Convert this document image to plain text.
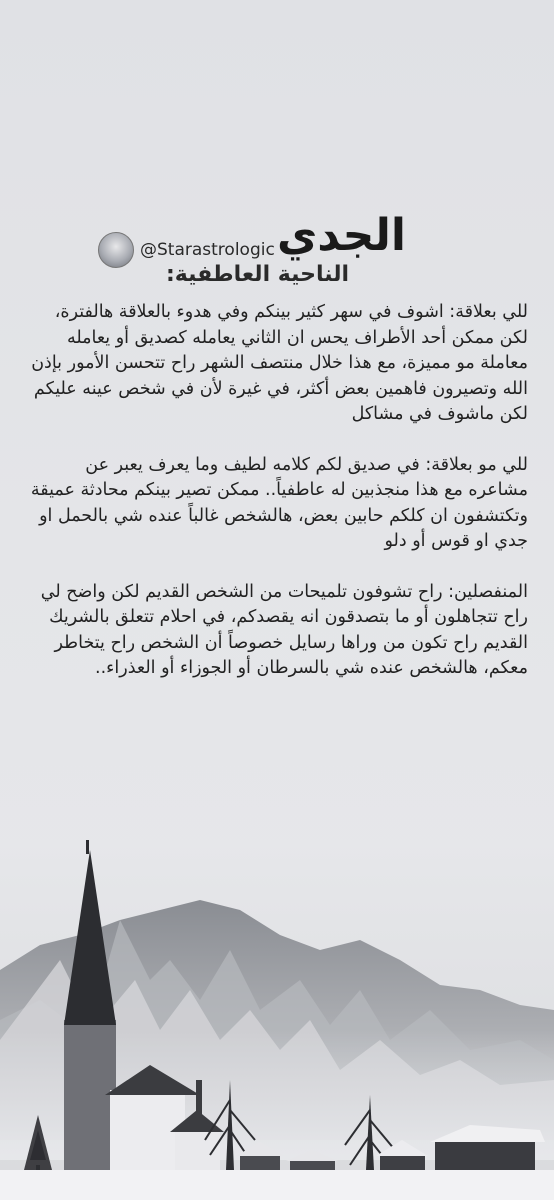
الجدي
@Starastrologic
الناحية العاطفية:

للي بعلاقة: اشوف في سهر كثير بينكم وفي هدوء بالعلاقة هالفترة، لكن ممكن أحد الأطراف يحس ان الثاني يعامله كصديق أو يعامله معاملة مو مميزة، مع هذا خلال منتصف الشهر راح تتحسن الأمور بإذن الله وتصيرون فاهمين بعض أكثر، في غيرة لأن في شخص عينه عليكم لكن ماشوف في مشاكل

للي مو بعلاقة: في صديق لكم كلامه لطيف وما يعرف يعبر عن مشاعره مع هذا منجذبين له عاطفياً.. ممكن تصير بينكم محادثة عميقة وتكتشفون ان كلكم حابين بعض، هالشخص غالباً عنده شي بالحمل او جدي او قوس أو دلو

المنفصلين: راح تشوفون تلميحات من الشخص القديم لكن واضح لي راح تتجاهلون أو ما بتصدقون انه يقصدكم، في احلام تتعلق بالشريك القديم راح تكون من وراها رسايل خصوصاً أن الشخص راح يتخاطر معكم، هالشخص عنده شي بالسرطان أو الجوزاء أو العذراء..
